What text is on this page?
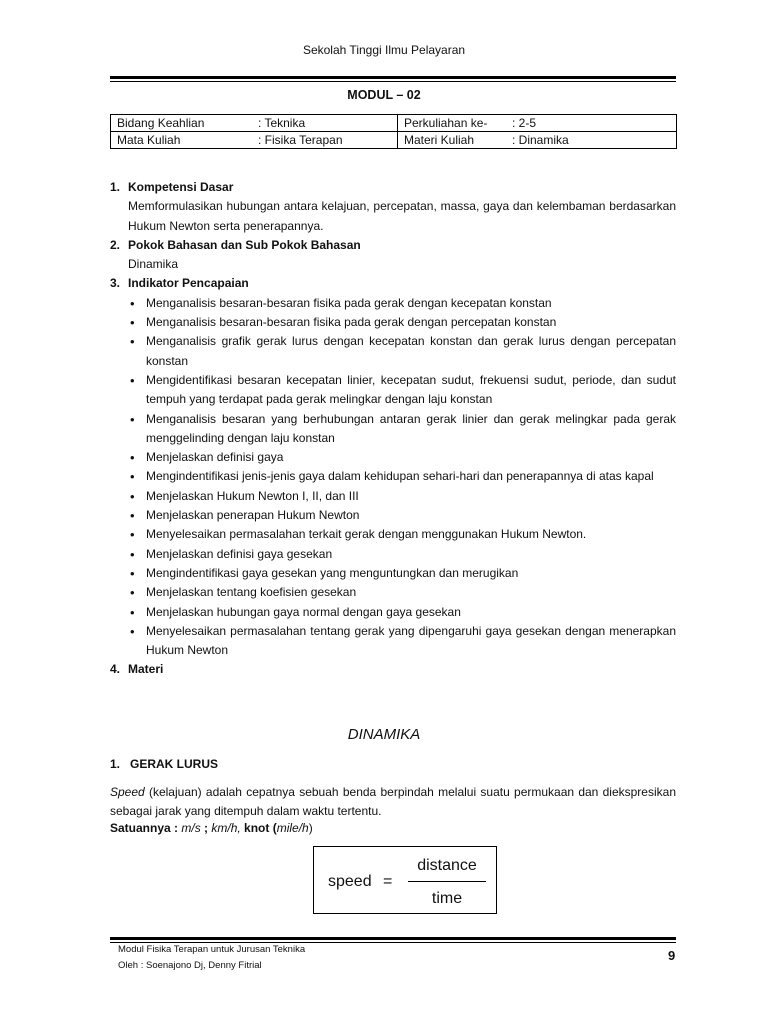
Sekolah Tinggi Ilmu Pelayaran
MODUL – 02
Bidang Keahlian : Teknika	Perkuliahan ke- : 2-5
Mata Kuliah : Fisika Terapan	Materi Kuliah : Dinamika
1. Kompetensi Dasar
Memformulasikan hubungan antara kelajuan, percepatan, massa, gaya dan kelembaman berdasarkan Hukum Newton serta penerapannya.
2. Pokok Bahasan dan Sub Pokok Bahasan
Dinamika
3. Indikator Pencapaian
• Menganalisis besaran-besaran fisika pada gerak dengan kecepatan konstan
• Menganalisis besaran-besaran fisika pada gerak dengan percepatan konstan
• Menganalisis grafik gerak lurus dengan kecepatan konstan dan gerak lurus dengan percepatan konstan
• Mengidentifikasi besaran kecepatan linier, kecepatan sudut, frekuensi sudut, periode, dan sudut tempuh yang terdapat pada gerak melingkar dengan laju konstan
• Menganalisis besaran yang berhubungan antaran gerak linier dan gerak melingkar pada gerak menggelinding dengan laju konstan
• Menjelaskan definisi gaya
• Mengindentifikasi jenis-jenis gaya dalam kehidupan sehari-hari dan penerapannya di atas kapal
• Menjelaskan Hukum Newton I, II, dan III
• Menjelaskan penerapan Hukum Newton
• Menyelesaikan permasalahan terkait gerak dengan menggunakan Hukum Newton.
• Menjelaskan definisi gaya gesekan
• Mengindentifikasi gaya gesekan yang menguntungkan dan merugikan
• Menjelaskan tentang koefisien gesekan
• Menjelaskan hubungan gaya normal dengan gaya gesekan
• Menyelesaikan permasalahan tentang gerak yang dipengaruhi gaya gesekan dengan menerapkan Hukum Newton
4. Materi
DINAMIKA
1.   GERAK LURUS
Speed (kelajuan) adalah cepatnya sebuah benda berpindah melalui suatu permukaan dan diekspresikan sebagai jarak yang ditempuh dalam waktu tertentu.
Satuannya : m/s ; km/h, knot (mile/h)
speed =
distance
time
Modul Fisika Terapan untuk Jurusan Teknika
Oleh : Soenajono Dj, Denny Fitrial
9
